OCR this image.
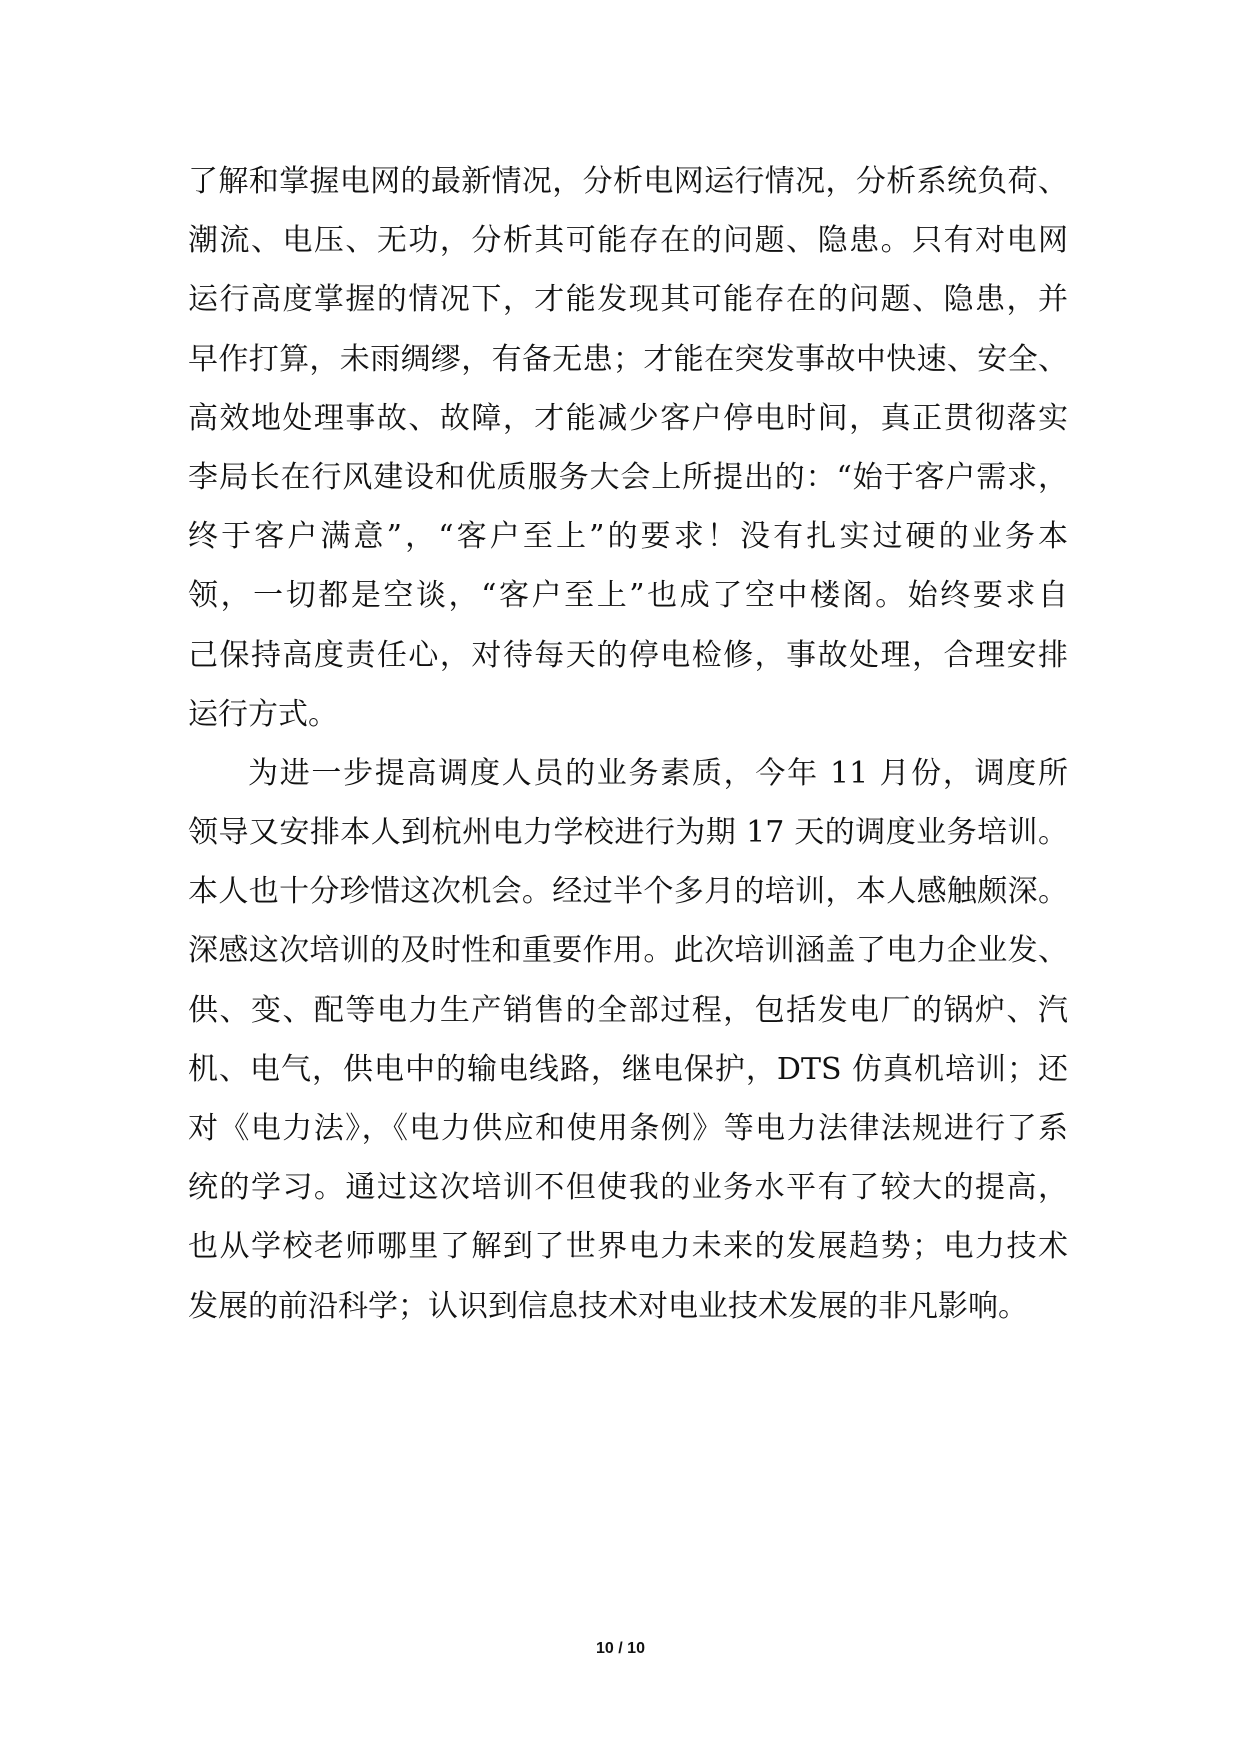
了解和掌握电网的最新情况，分析电网运行情况，分析系统负荷、
潮流、电压、无功，分析其可能存在的问题、隐患。只有对电网
运行高度掌握的情况下，才能发现其可能存在的问题、隐患，并
早作打算，未雨绸缪，有备无患；才能在突发事故中快速、安全、
高效地处理事故、故障，才能减少客户停电时间，真正贯彻落实
李局长在行风建设和优质服务大会上所提出的：“始于客户需求，
终于客户满意”，“客户至上”的要求！没有扎实过硬的业务本
领，一切都是空谈，“客户至上”也成了空中楼阁。始终要求自
己保持高度责任心，对待每天的停电检修，事故处理，合理安排
运行方式。
为进一步提高调度人员的业务素质，今年 11 月份，调度所
领导又安排本人到杭州电力学校进行为期 17 天的调度业务培训。
本人也十分珍惜这次机会。经过半个多月的培训，本人感触颇深。
深感这次培训的及时性和重要作用。此次培训涵盖了电力企业发、
供、变、配等电力生产销售的全部过程，包括发电厂的锅炉、汽
机、电气，供电中的输电线路，继电保护，DTS 仿真机培训；还
对《电力法》，《电力供应和使用条例》等电力法律法规进行了系
统的学习。通过这次培训不但使我的业务水平有了较大的提高，
也从学校老师哪里了解到了世界电力未来的发展趋势；电力技术
发展的前沿科学；认识到信息技术对电业技术发展的非凡影响。
10 / 10
